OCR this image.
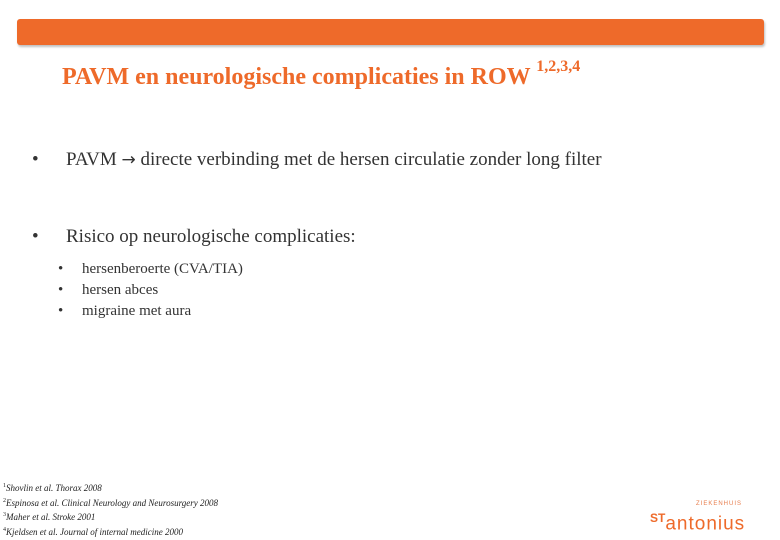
PAVM en neurologische complicaties in ROW $^{1,2,3,4}$
• PAVM → directe verbinding met de hersen circulatie zonder long filter
• Risico op neurologische complicaties:
• hersenberoerte (CVA/TIA)
• hersen abces
• migraine met aura
$^1$Shovlin et al. Thorax 2008
$^2$Espinosa et al. Clinical Neurology and Neurosurgery 2008
$^3$Maher et al. Stroke 2001
$^4$Kjeldsen et al. Journal of internal medicine 2000
ZIEKENHUIS
$^{ST}$antonius
